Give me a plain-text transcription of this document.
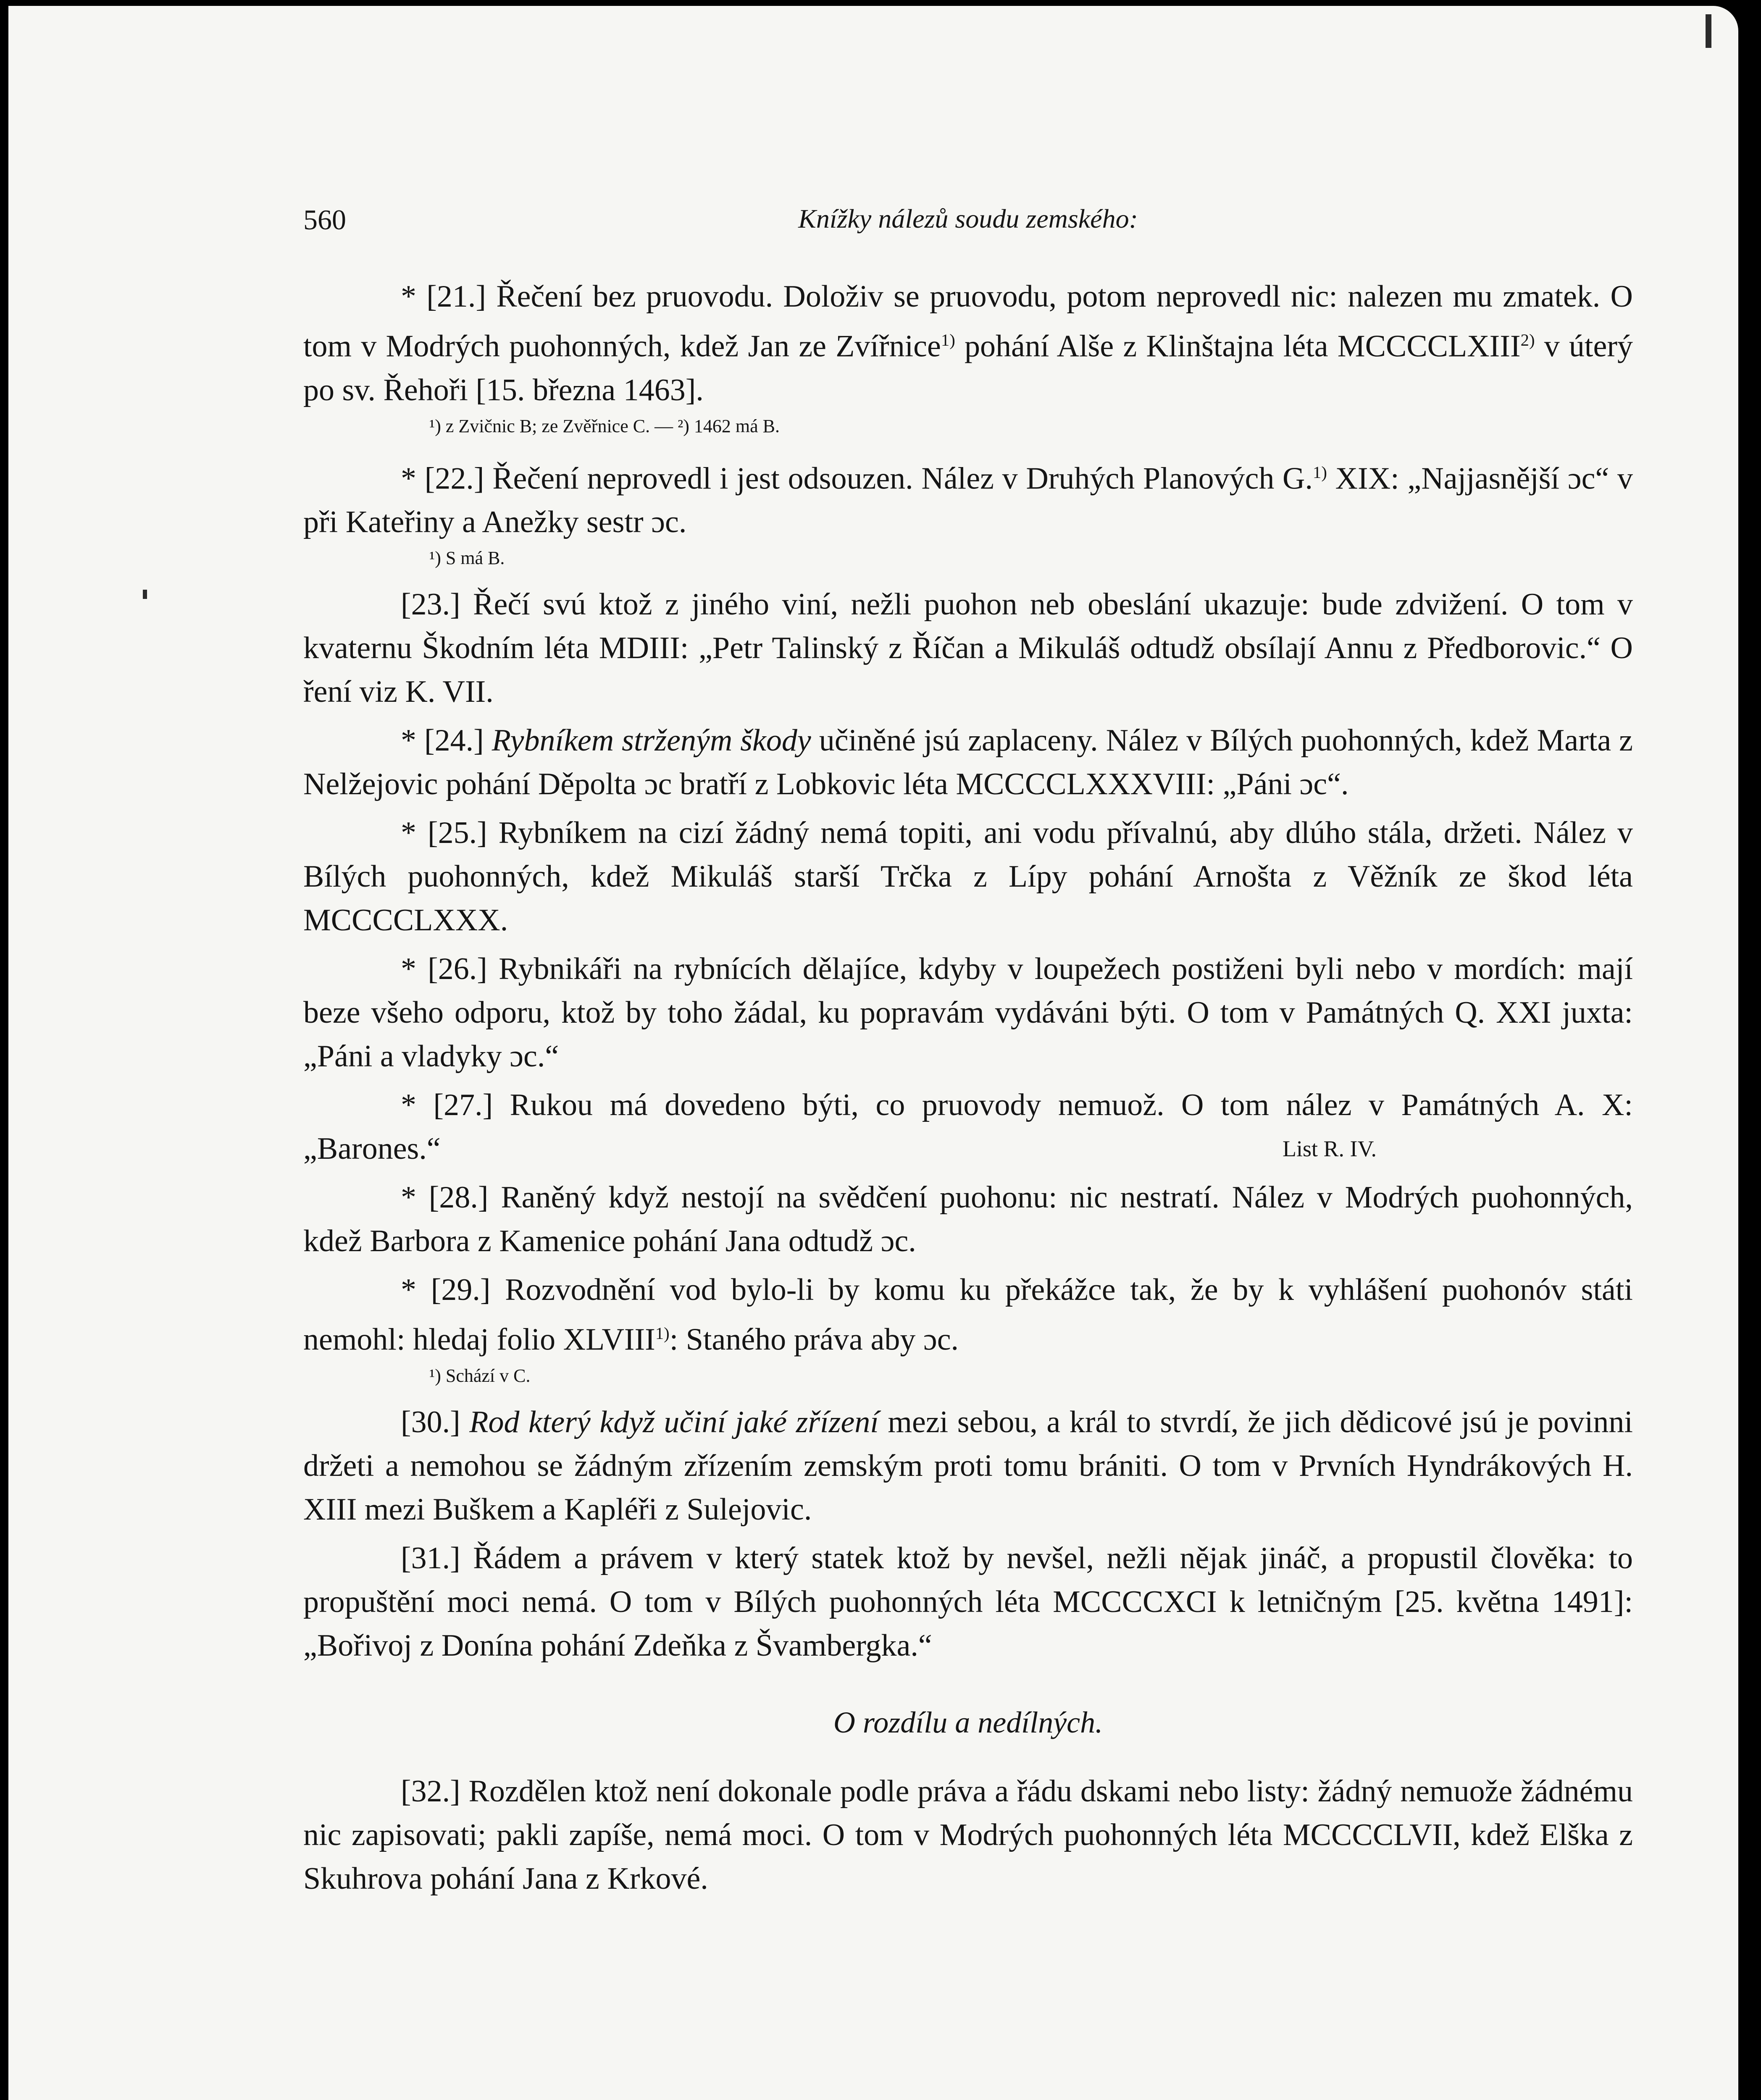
560	Knížky nálezů soudu zemského:

* [21.] Řečení bez pruovodu. Doloživ se pruovodu, potom neprovedl nic: nalezen mu zmatek. O tom v Modrých puohonných, kdež Jan ze Zvířnice$^{1)}$ pohání Alše z Klinštajna léta MCCCCLXIII$^{2)}$ v úterý po sv. Řehoři [15. března 1463].

¹) z Zvičnic B; ze Zvěřnice C. — ²) 1462 má B.

* [22.] Řečení neprovedl i jest odsouzen. Nález v Druhých Planových G.$^{1)}$ XIX: „Najjasnější ɔc“ v při Kateřiny a Anežky sestr ɔc.

¹) S má B.

[23.] Řečí svú ktož z jiného viní, nežli puohon neb obeslání ukazuje: bude zdvižení. O tom v kvaternu Škodním léta MDIII: „Petr Talinský z Říčan a Mikuláš odtudž obsílají Annu z Předborovic.“ O ření viz K. VII.

* [24.] Rybníkem strženým škody učiněné jsú zaplaceny. Nález v Bílých puohonných, kdež Marta z Nelžejovic pohání Děpolta ɔc bratří z Lobkovic léta MCCCCLXXXVIII: „Páni ɔc“.

* [25.] Rybníkem na cizí žádný nemá topiti, ani vodu přívalnú, aby dlúho stála, držeti. Nález v Bílých puohonných, kdež Mikuláš starší Trčka z Lípy pohání Arnošta z Věžník ze škod léta MCCCCLXXX.

* [26.] Rybnikáři na rybnících dělajíce, kdyby v loupežech postiženi byli nebo v mordích: mají beze všeho odporu, ktož by toho žádal, ku popravám vydáváni býti. O tom v Památných Q. XXI juxta: „Páni a vladyky ɔc.“

* [27.] Rukou má dovedeno býti, co pruovody nemuož. O tom nález v Památných A. X: „Barones.“	List R. IV.

* [28.] Raněný když nestojí na svědčení puohonu: nic nestratí. Nález v Modrých puohonných, kdež Barbora z Kamenice pohání Jana odtudž ɔc.

* [29.] Rozvodnění vod bylo-li by komu ku překážce tak, že by k vyhlášení puohonóv státi nemohl: hledaj folio XLVIII$^{1)}$: Staného práva aby ɔc.

¹) Schází v C.

[30.] Rod který když učiní jaké zřízení mezi sebou, a král to stvrdí, že jich dědicové jsú je povinni držeti a nemohou se žádným zřízením zemským proti tomu brániti. O tom v Prvních Hyndrákových H. XIII mezi Buškem a Kapléři z Sulejovic.

[31.] Řádem a právem v který statek ktož by nevšel, nežli nějak jináč, a propustil člověka: to propuštění moci nemá. O tom v Bílých puohonných léta MCCCCXCI k letničným [25. května 1491]: „Bořivoj z Donína pohání Zdeňka z Švambergka.“

O rozdílu a nedílných.

[32.] Rozdělen ktož není dokonale podle práva a řádu dskami nebo listy: žádný nemuože žádnému nic zapisovati; pakli zapíše, nemá moci. O tom v Modrých puohonných léta MCCCCLVII, kdež Elška z Skuhrova pohání Jana z Krkové.
